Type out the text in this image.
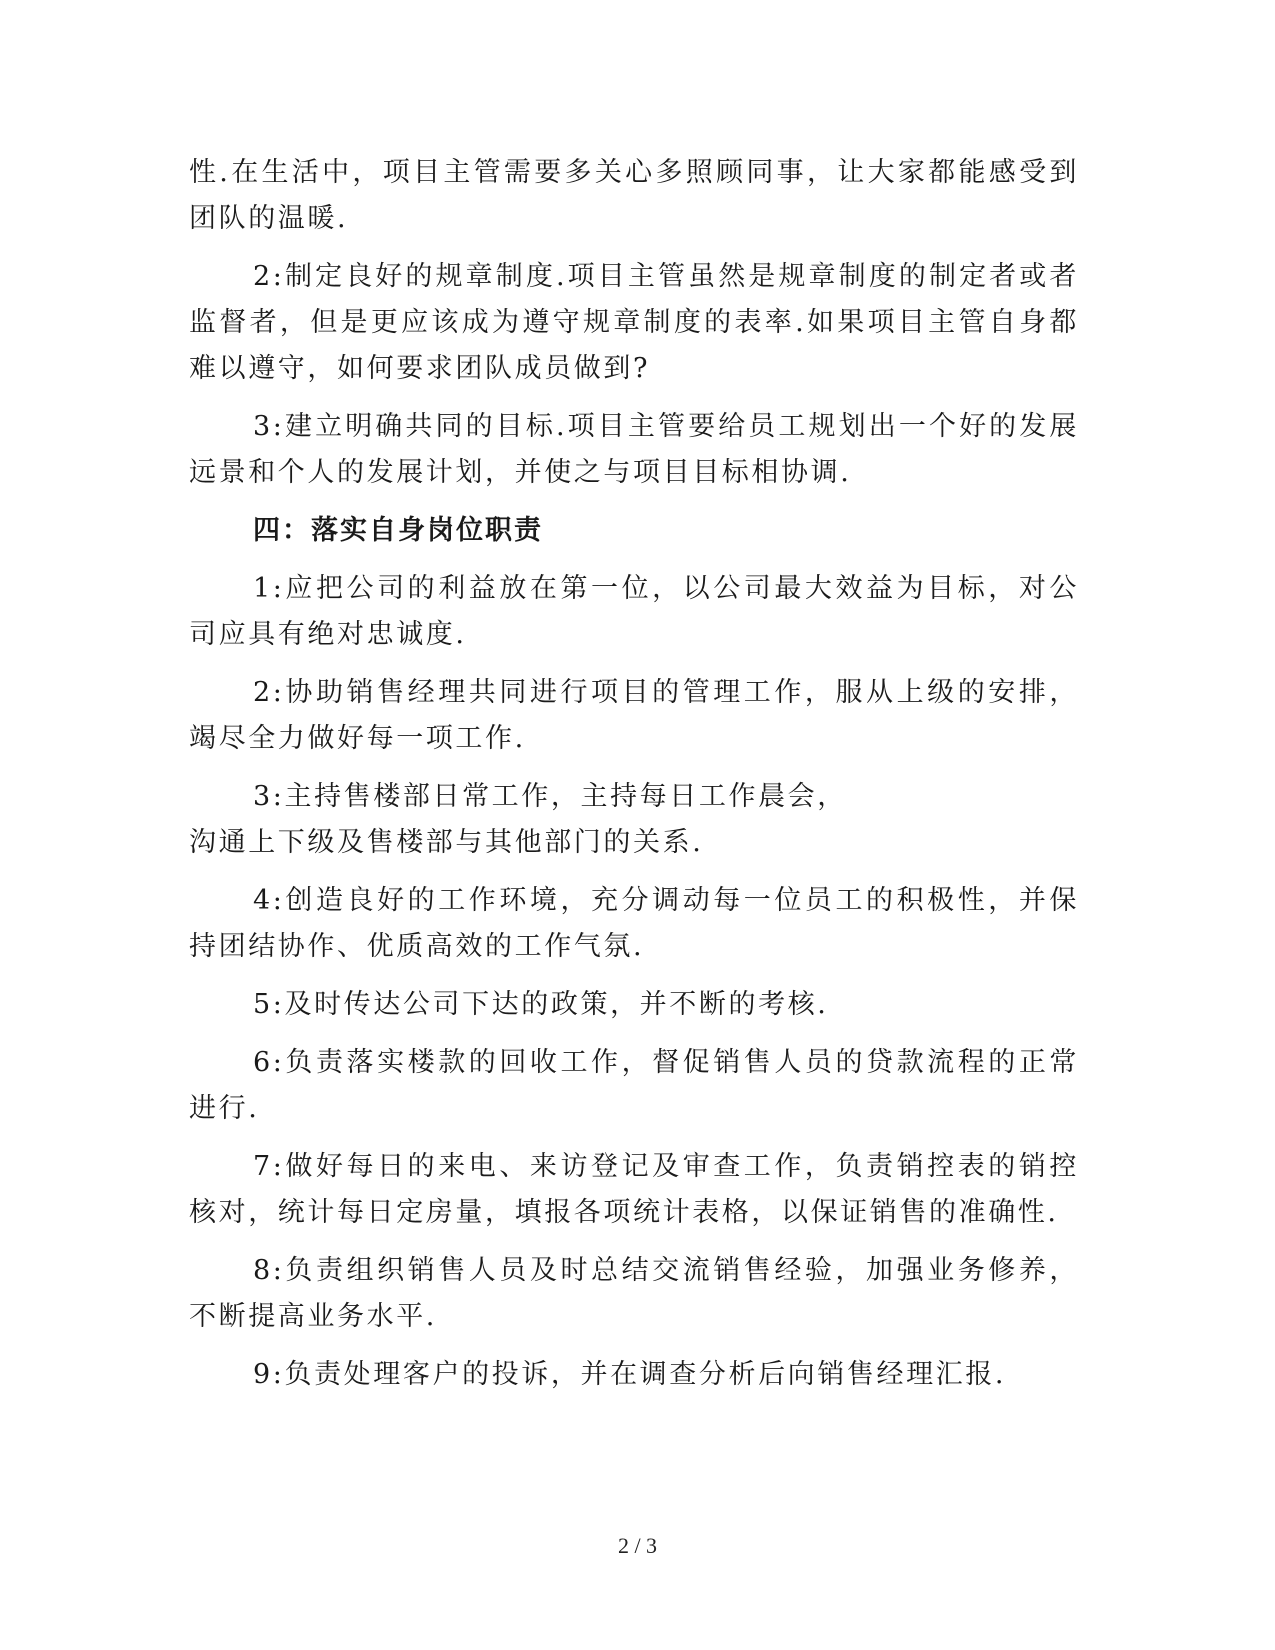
性.在生活中，项目主管需要多关心多照顾同事，让大家都能感受到团队的温暖.

2:制定良好的规章制度.项目主管虽然是规章制度的制定者或者监督者，但是更应该成为遵守规章制度的表率.如果项目主管自身都难以遵守，如何要求团队成员做到?

3:建立明确共同的目标.项目主管要给员工规划出一个好的发展远景和个人的发展计划，并使之与项目目标相协调.

四：落实自身岗位职责

1:应把公司的利益放在第一位，以公司最大效益为目标，对公司应具有绝对忠诚度.

2:协助销售经理共同进行项目的管理工作，服从上级的安排，竭尽全力做好每一项工作.

3:主持售楼部日常工作，主持每日工作晨会，
沟通上下级及售楼部与其他部门的关系.

4:创造良好的工作环境，充分调动每一位员工的积极性，并保持团结协作、优质高效的工作气氛.

5:及时传达公司下达的政策，并不断的考核.

6:负责落实楼款的回收工作，督促销售人员的贷款流程的正常进行.

7:做好每日的来电、来访登记及审查工作，负责销控表的销控核对，统计每日定房量，填报各项统计表格，以保证销售的准确性.

8:负责组织销售人员及时总结交流销售经验，加强业务修养，不断提高业务水平.

9:负责处理客户的投诉，并在调查分析后向销售经理汇报.

2 / 3
